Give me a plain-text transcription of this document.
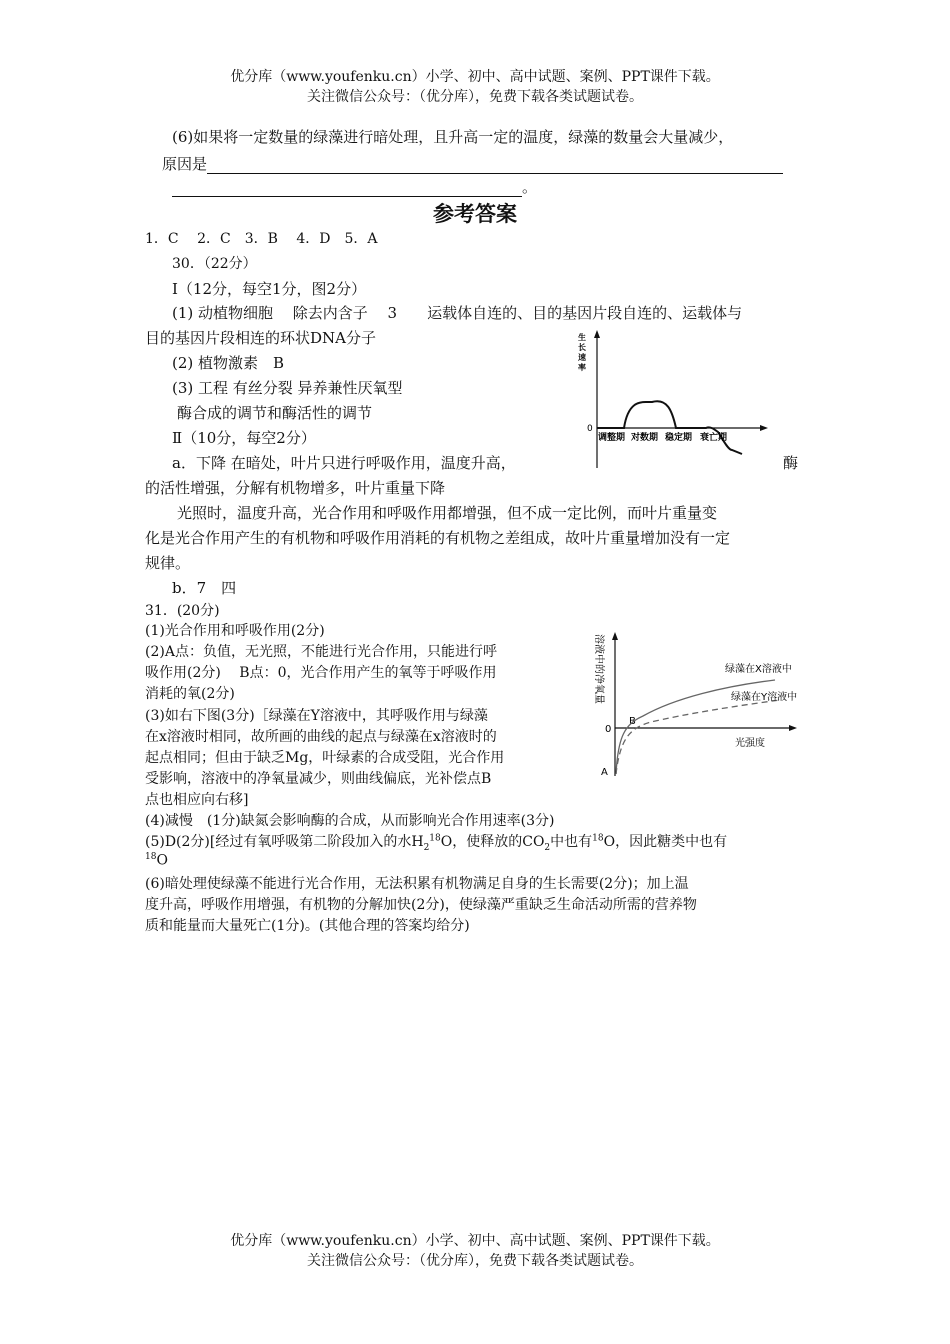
优分库（www.youfenku.cn）小学、初中、高中试题、案例、PPT课件下载。
关注微信公众号：（优分库），免费下载各类试题试卷。
(6)如果将一定数量的绿藻进行暗处理，且升高一定的温度，绿藻的数量会大量减少，
原因是
。
参考答案
1．C　 2．C　3．B　 4．D　5．A
30．（22分）
Ⅰ（12分，每空1分，图2分）
(1) 动植物细胞　 除去内含子　 3　　运载体自连的、目的基因片段自连的、运载体与
目的基因片段相连的环状DNA分子
(2) 植物激素　B
(3) 工程 有丝分裂 异养兼性厌氧型
酶合成的调节和酶活性的调节
Ⅱ（10分，每空2分）
a．下降 在暗处，叶片只进行呼吸作用，温度升高，	酶
的活性增强，分解有机物增多，叶片重量下降
光照时，温度升高，光合作用和呼吸作用都增强，但不成一定比例，而叶片重量变
化是光合作用产生的有机物和呼吸作用消耗的有机物之差组成，故叶片重量增加没有一定
规律。
b．7　四
生 长 速 率
0
调整期 对数期 稳定期 衰亡期
31．(20分)
(1)光合作用和呼吸作用(2分)
(2)A点：负值，无光照，不能进行光合作用，只能进行呼
吸作用(2分)　 B点：0，光合作用产生的氧等于呼吸作用
消耗的氧(2分)
(3)如右下图(3分)［绿藻在Y溶液中，其呼吸作用与绿藻
在x溶液时相同，故所画的曲线的起点与绿藻在x溶液时的
起点相同；但由于缺乏Mg，叶绿素的合成受阻，光合作用
受影响，溶液中的净氧量减少，则曲线偏底，光补偿点B
点也相应向右移]
(4)减慢　(1分)缺氮会影响酶的合成，从而影响光合作用速率(3分)
(5)D(2分)[经过有氧呼吸第二阶段加入的水$H_2^{18}O$，使释放的$CO_2$中也有$^{18}$O，因此糖类中也有
$^{18}$O
(6)暗处理使绿藻不能进行光合作用，无法积累有机物满足自身的生长需要(2分)；加上温
度升高，呼吸作用增强，有机物的分解加快(2分)，使绿藻严重缺乏生命活动所需的营养物
质和能量而大量死亡(1分)。(其他合理的答案均给分)
溶液中的净氧量
0
A
B
绿藻在X溶液中
绿藻在Y溶液中
光强度
优分库（www.youfenku.cn）小学、初中、高中试题、案例、PPT课件下载。
关注微信公众号：（优分库），免费下载各类试题试卷。
